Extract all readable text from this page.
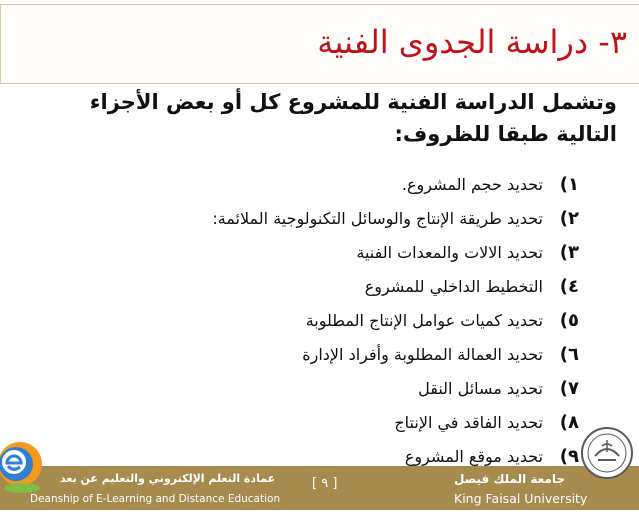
٣- دراسة الجدوى الفنية
وتشمل الدراسة الفنية للمشروع كل أو بعض الأجزاء التالية طبقا للظروف:
١)
تحديد حجم المشروع.
٢)
تحديد طريقة الإنتاج والوسائل التكنولوجية الملائمة:
٣)
تحديد الالات والمعدات الفنية
٤)
التخطيط الداخلي للمشروع
٥)
تحديد كميات عوامل الإنتاج المطلوبة
٦)
تحديد العمالة المطلوبة وأفراد الإدارة
٧)
تحديد مسائل النقل
٨)
تحديد الفاقد في الإنتاج
٩)
تحديد موقع المشروع
عمادة التعلم الإلكتروني والتعليم عن بعد
Deanship of E-Learning and Distance Education
[ ٩ ]	جامعة الملك فيصل
King Faisal University
